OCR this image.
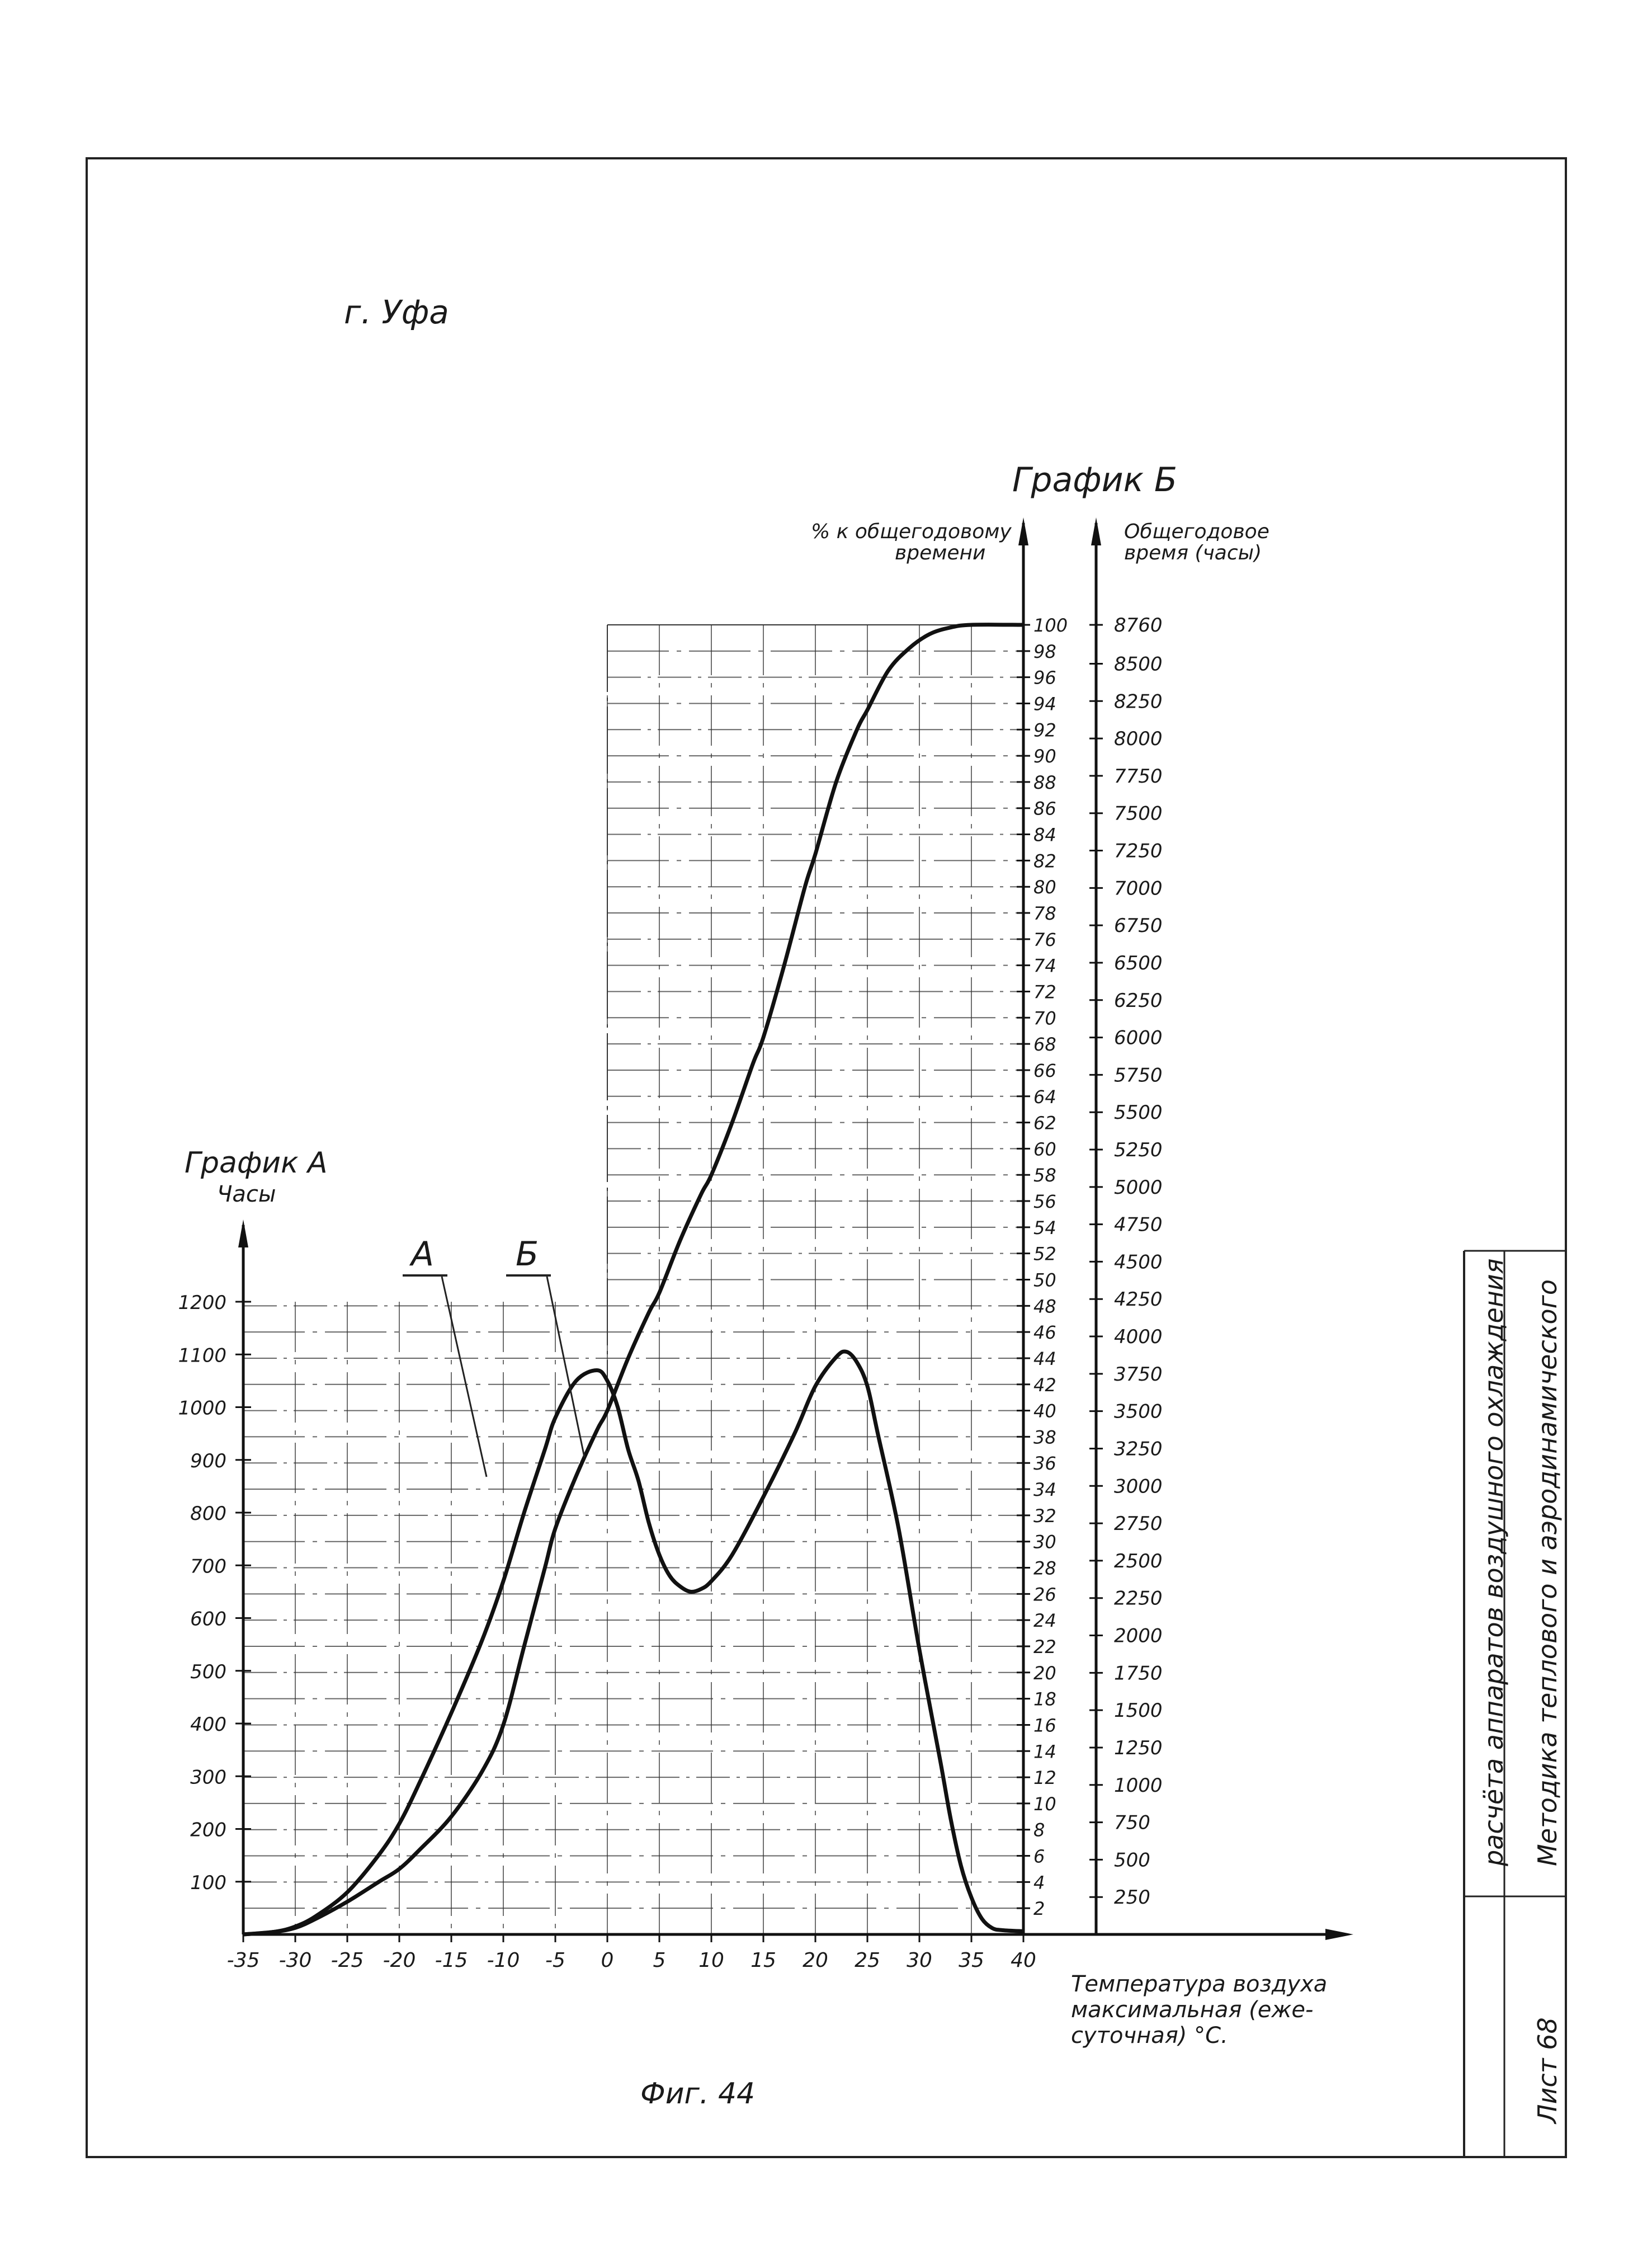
г. Уфа
-35 -30 -25 -20 -15 -10 -5 0 5 10 15 20 25 30 35 40
100
200
300
400
500
600
700
800
900
1000
1100
1200
2
4
6
8
10
12
14
16
18
20
22
24
26
28
30
32
34
36
38
40
42
44
46
48
50
52
54
56
58
60
62
64
66
68
70
72
74
76
78
80
82
84
86
88
90
92
94
96
98
100
250
500
750
1000
1250
1500
1750
2000
2250
2500
2750
3000
3250
3500
3750
4000
4250
4500
4750
5000
5250
5500
5750
6000
6250
6500
6750
7000
7250
7500
7750
8000
8250
8500
8760
График Б
% к общегодовому
времени
Общегодовое
время (часы)
График А
Часы
А Б
Температура воздуха
максимальная (еже-
суточная) °С.
Фиг. 44	Лист 68
Методика теплового и аэродинамического
расчёта аппаратов воздушного охлаждения
